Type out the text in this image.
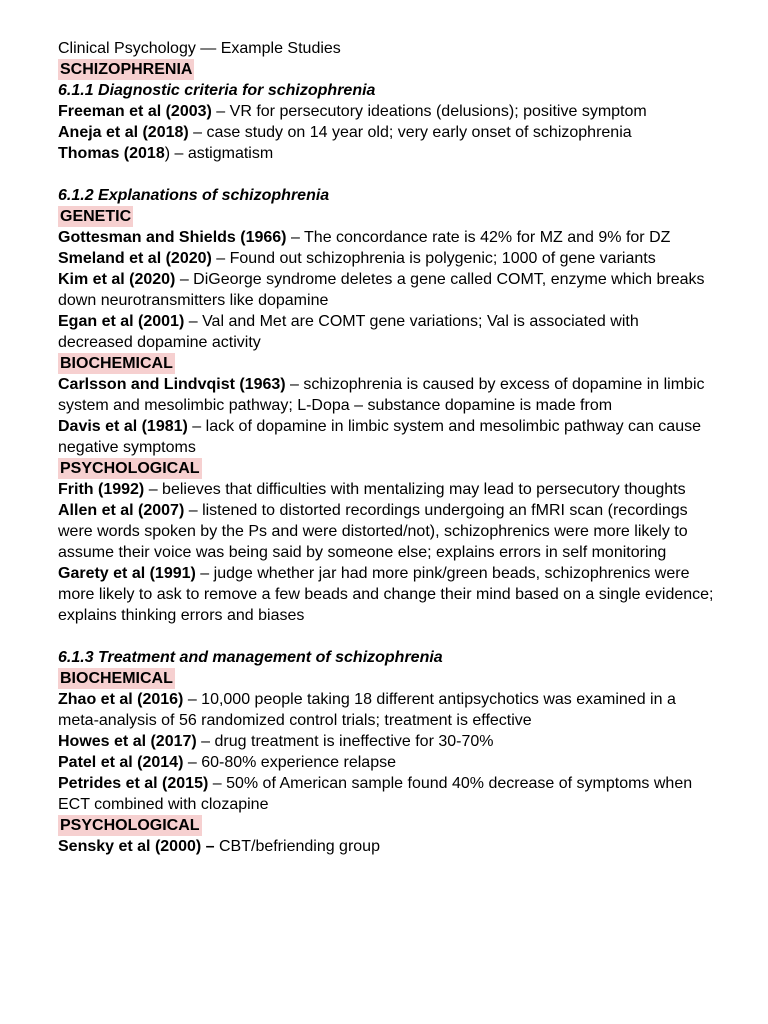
Clinical Psychology — Example Studies

SCHIZOPHRENIA

6.1.1 Diagnostic criteria for schizophrenia

Freeman et al (2003) – VR for persecutory ideations (delusions); positive symptom

Aneja et al (2018) – case study on 14 year old; very early onset of schizophrenia

Thomas (2018) – astigmatism

6.1.2 Explanations of schizophrenia

GENETIC

Gottesman and Shields (1966) – The concordance rate is 42% for MZ and 9% for DZ

Smeland et al (2020) – Found out schizophrenia is polygenic; 1000 of gene variants

Kim et al (2020) – DiGeorge syndrome deletes a gene called COMT, enzyme which breaks down neurotransmitters like dopamine

Egan et al (2001) – Val and Met are COMT gene variations; Val is associated with decreased dopamine activity

BIOCHEMICAL

Carlsson and Lindvqist (1963) – schizophrenia is caused by excess of dopamine in limbic system and mesolimbic pathway; L-Dopa – substance dopamine is made from

Davis et al (1981) – lack of dopamine in limbic system and mesolimbic pathway can cause negative symptoms

PSYCHOLOGICAL

Frith (1992) – believes that difficulties with mentalizing may lead to persecutory thoughts

Allen et al (2007) – listened to distorted recordings undergoing an fMRI scan (recordings were words spoken by the Ps and were distorted/not), schizophrenics were more likely to assume their voice was being said by someone else; explains errors in self monitoring

Garety et al (1991) – judge whether jar had more pink/green beads, schizophrenics were more likely to ask to remove a few beads and change their mind based on a single evidence; explains thinking errors and biases

6.1.3 Treatment and management of schizophrenia

BIOCHEMICAL

Zhao et al (2016) – 10,000 people taking 18 different antipsychotics was examined in a meta-analysis of 56 randomized control trials; treatment is effective

Howes et al (2017) – drug treatment is ineffective for 30-70%

Patel et al (2014) – 60-80% experience relapse

Petrides et al (2015) – 50% of American sample found 40% decrease of symptoms when ECT combined with clozapine

PSYCHOLOGICAL

Sensky et al (2000) – CBT/befriending group
